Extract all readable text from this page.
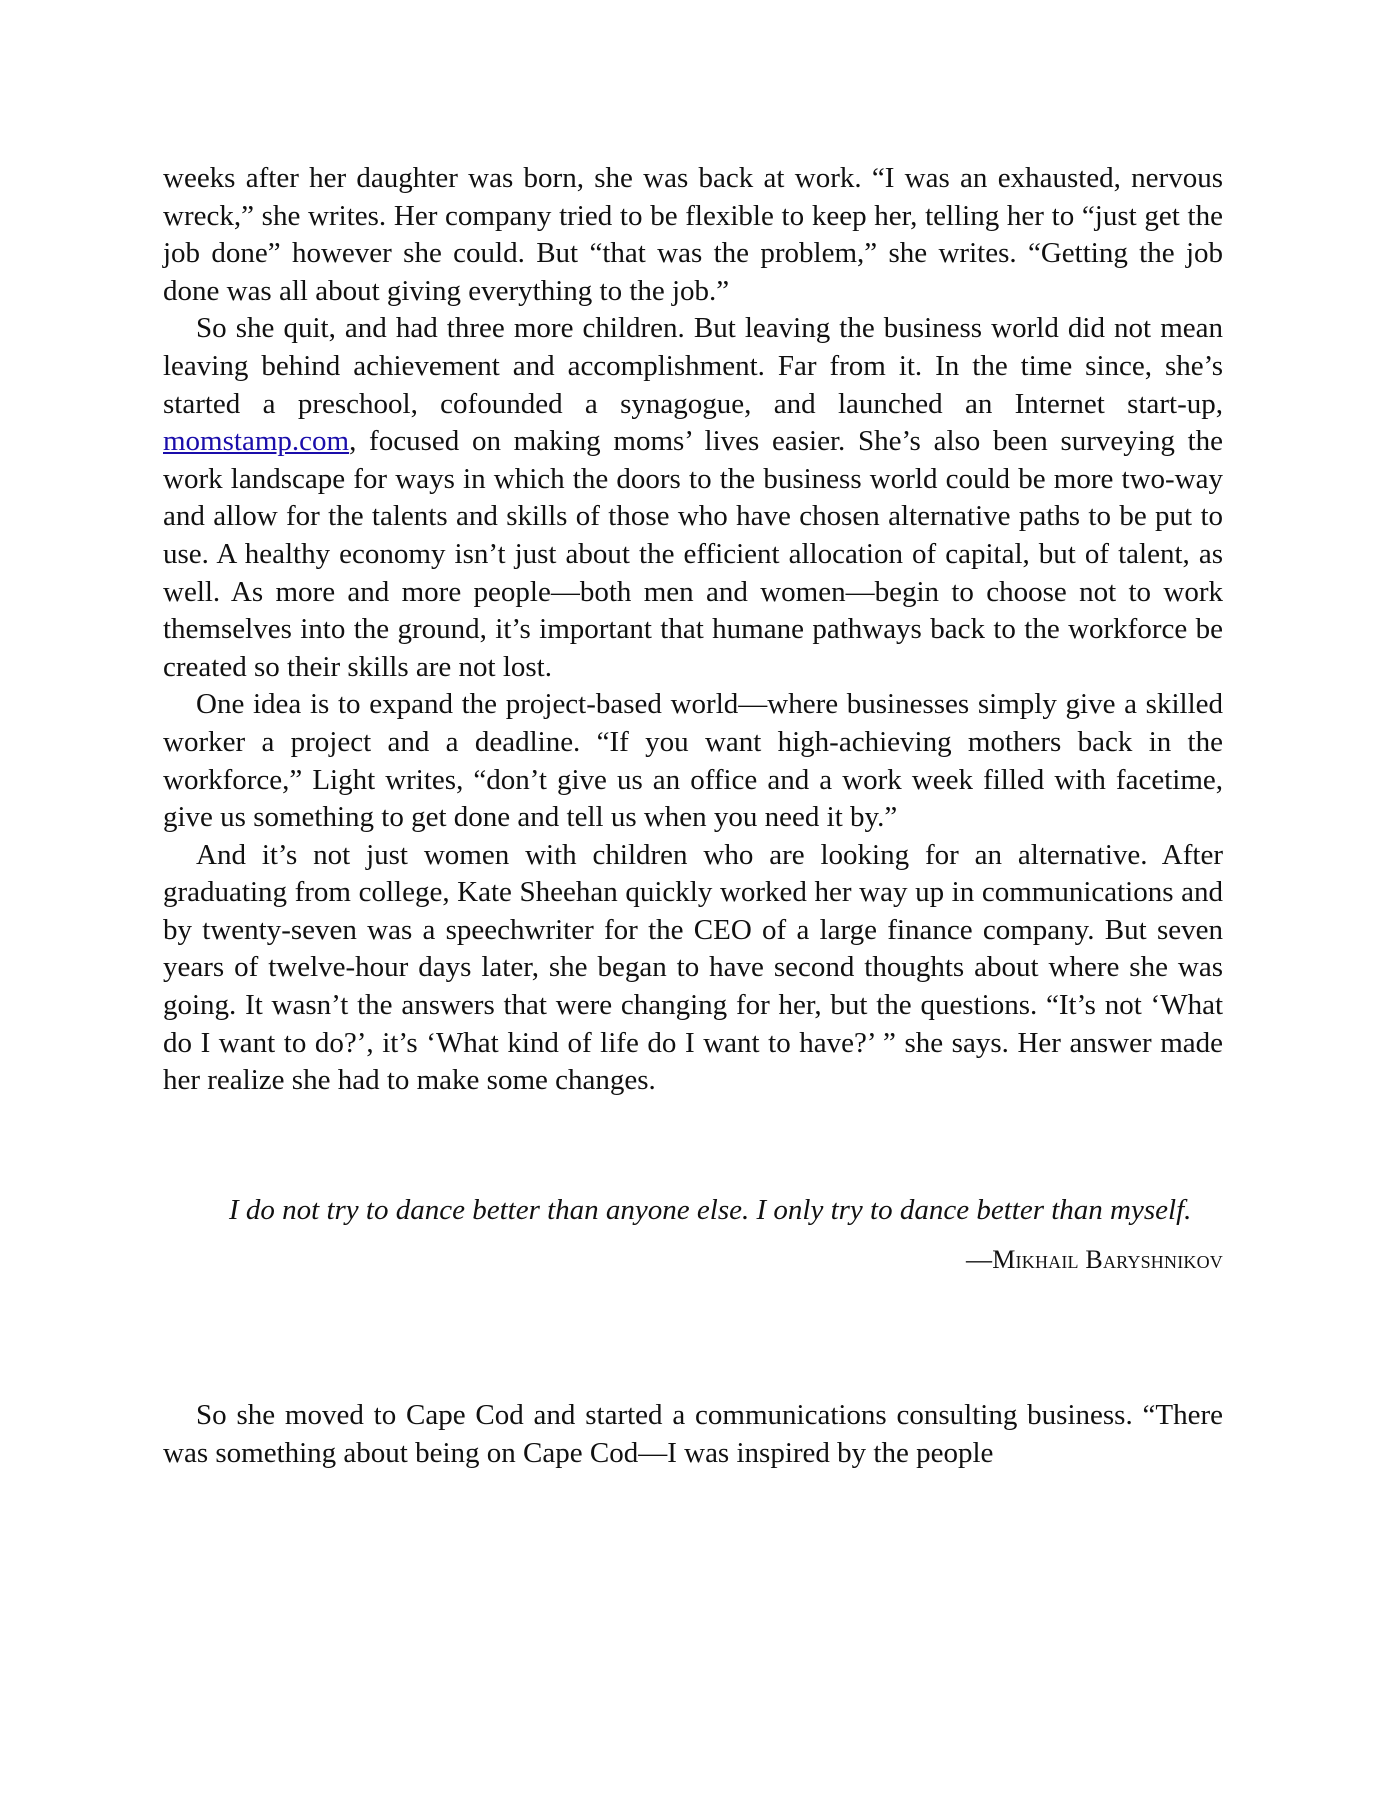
weeks after her daughter was born, she was back at work. “I was an exhausted, nervous wreck,” she writes. Her company tried to be flexible to keep her, telling her to “just get the job done” however she could. But “that was the problem,” she writes. “Getting the job done was all about giving everything to the job.”

So she quit, and had three more children. But leaving the business world did not mean leaving behind achievement and accomplishment. Far from it. In the time since, she’s started a preschool, cofounded a synagogue, and launched an Internet start-up, momstamp.com, focused on making moms’ lives easier. She’s also been surveying the work landscape for ways in which the doors to the business world could be more two-way and allow for the talents and skills of those who have chosen alternative paths to be put to use. A healthy economy isn’t just about the efficient allocation of capital, but of talent, as well. As more and more people—both men and women—begin to choose not to work themselves into the ground, it’s important that humane pathways back to the workforce be created so their skills are not lost.

One idea is to expand the project-based world—where businesses simply give a skilled worker a project and a deadline. “If you want high-achieving mothers back in the workforce,” Light writes, “don’t give us an office and a work week filled with facetime, give us something to get done and tell us when you need it by.”

And it’s not just women with children who are looking for an alternative. After graduating from college, Kate Sheehan quickly worked her way up in communications and by twenty-seven was a speechwriter for the CEO of a large finance company. But seven years of twelve-hour days later, she began to have second thoughts about where she was going. It wasn’t the answers that were changing for her, but the questions. “It’s not ‘What do I want to do?’, it’s ‘What kind of life do I want to have?’ ” she says. Her answer made her realize she had to make some changes.

I do not try to dance better than anyone else. I only try to dance better than myself.

—Mikhail Baryshnikov

So she moved to Cape Cod and started a communications consulting business. “There was something about being on Cape Cod—I was inspired by the people
